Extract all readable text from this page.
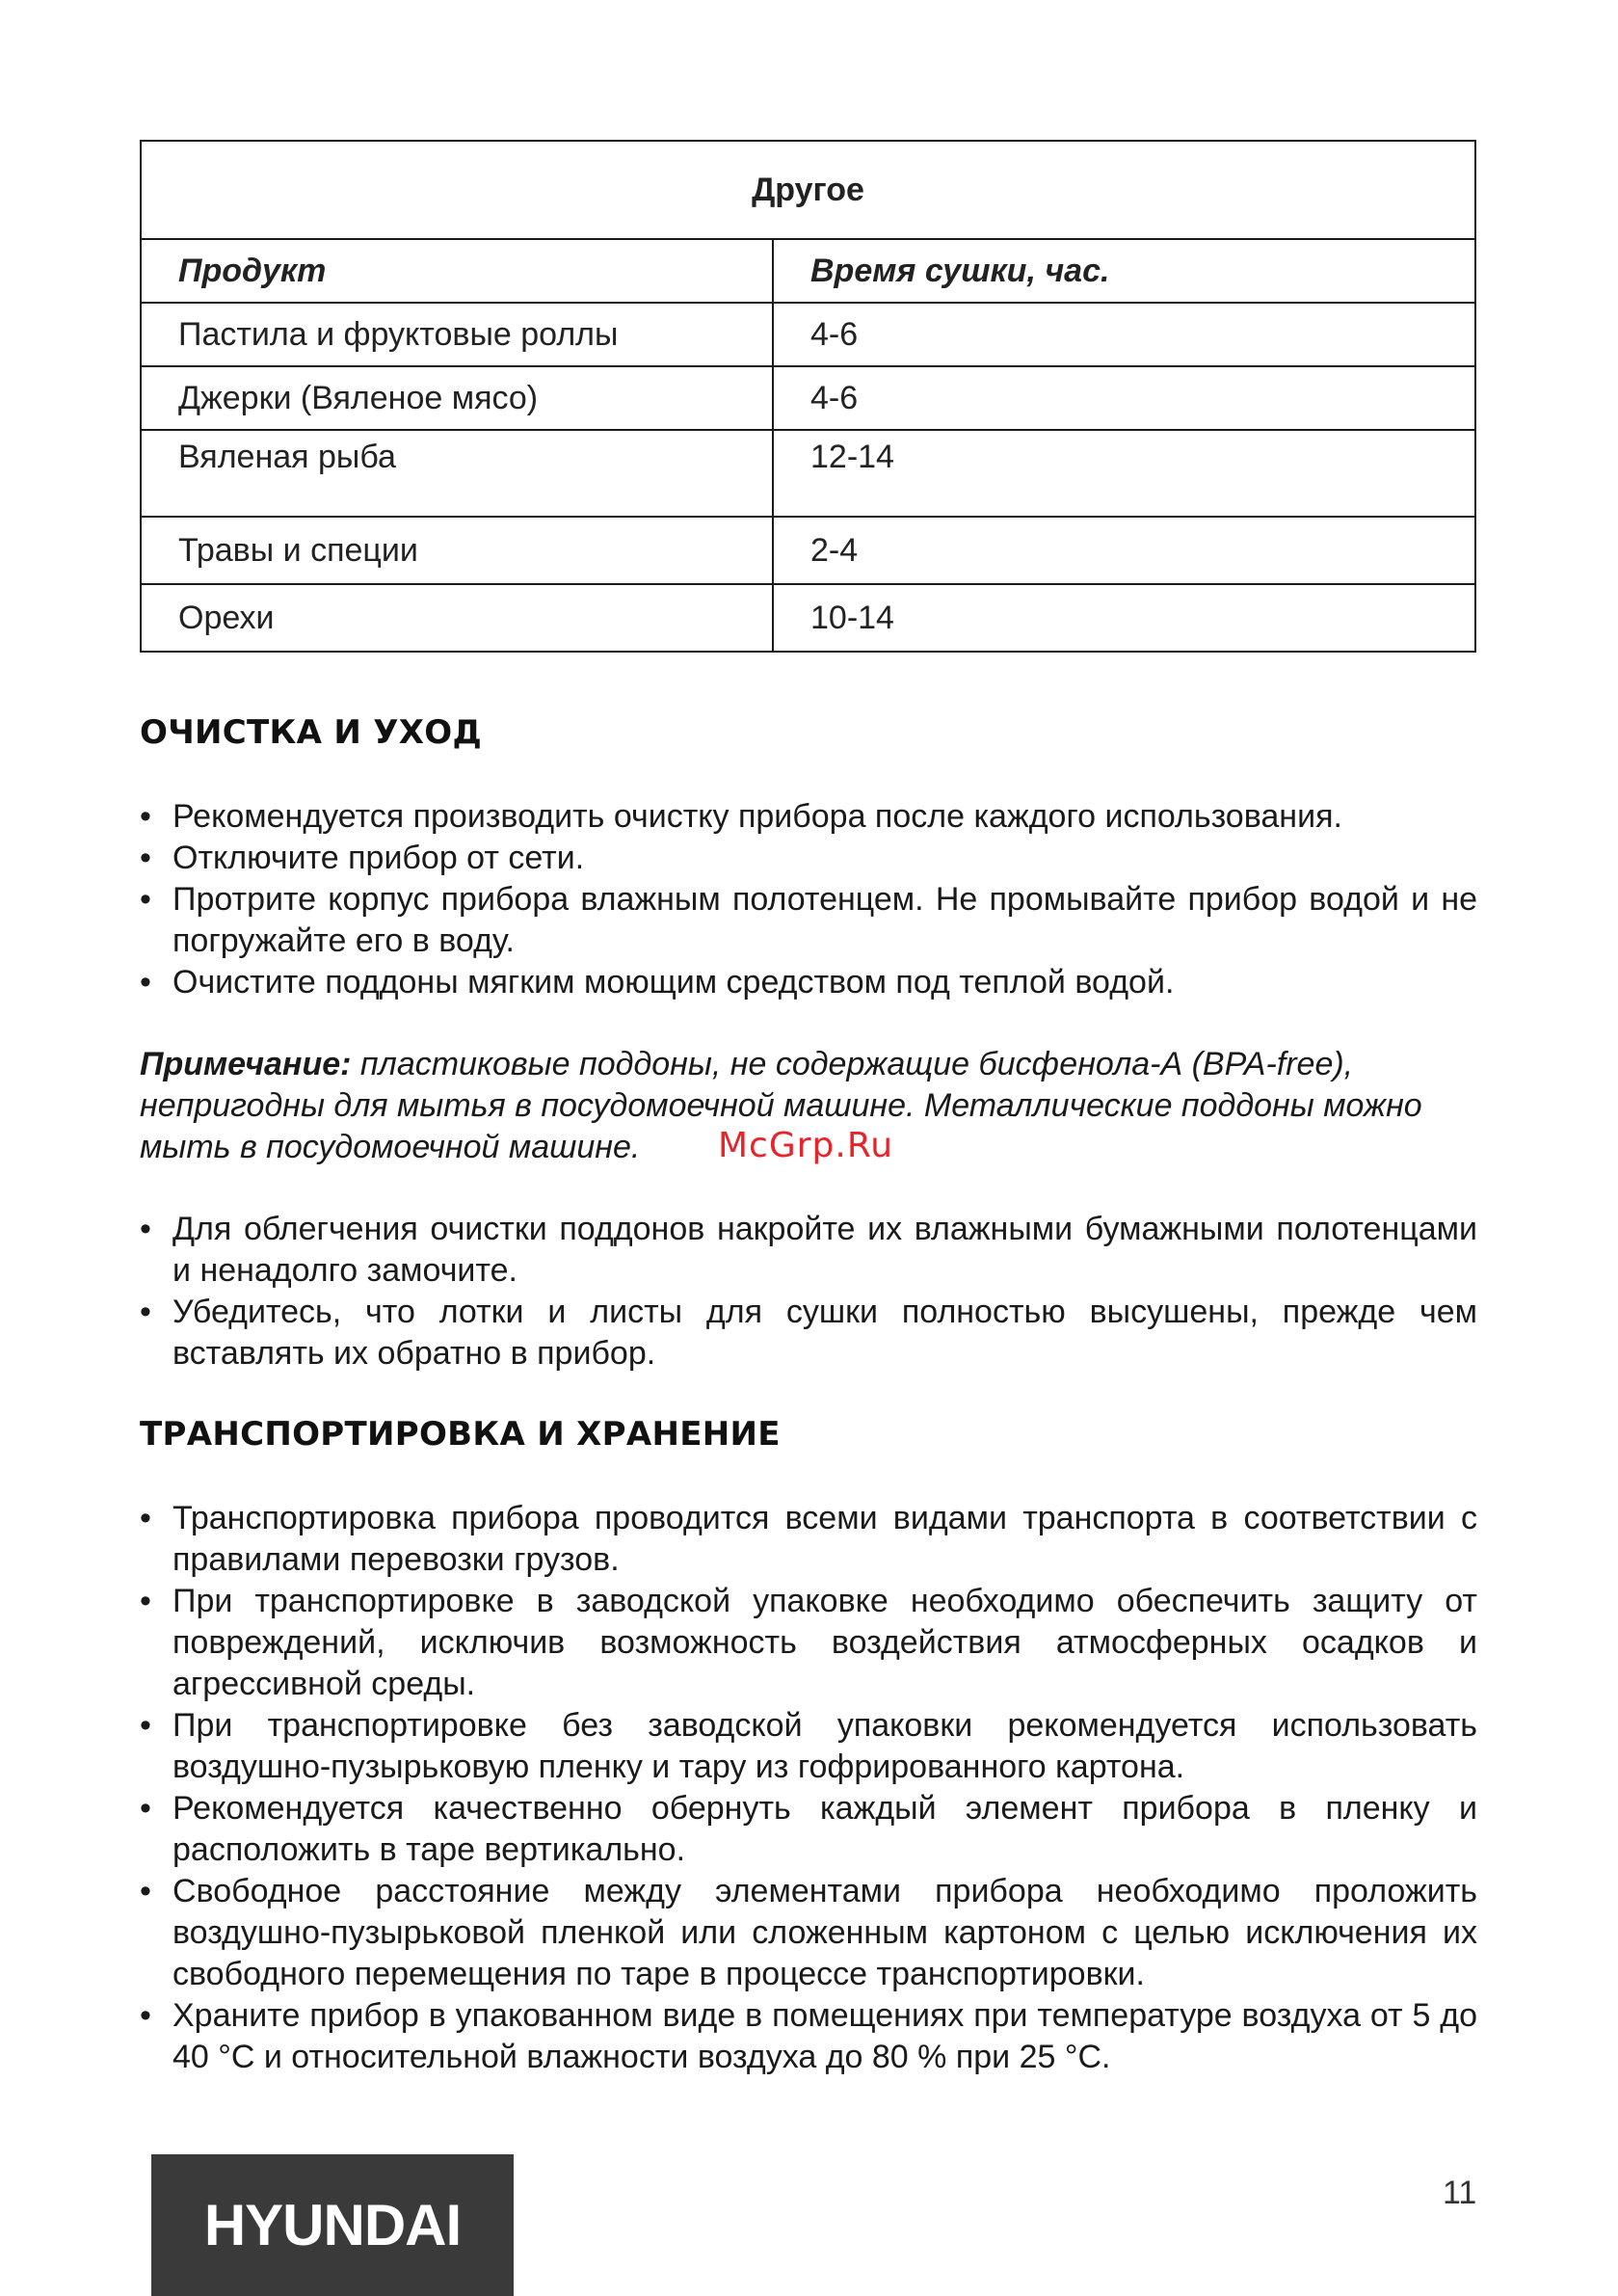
Другое	
Продукт	Время сушки, час.
Пастила и фруктовые роллы	4-6
Джерки (Вяленое мясо)	4-6
Вяленая рыба	12-14
Травы и специи	2-4
Орехи	10-14
ОЧИСТКА И УХОД
• Рекомендуется производить очистку прибора после каждого использования.
• Отключите прибор от сети.
• Протрите корпус прибора влажным полотенцем. Не промывайте прибор водой и не погружайте его в воду.
• Очистите поддоны мягким моющим средством под теплой водой.

Примечание: пластиковые поддоны, не содержащие бисфенола-А (BPA-free), непригодны для мытья в посудомоечной машине. Металлические поддоны можно мыть в посудомоечной машине.	McGrp.Ru
• Для облегчения очистки поддонов накройте их влажными бумажными полотенцами и ненадолго замочите.
• Убедитесь, что лотки и листы для сушки полностью высушены, прежде чем вставлять их обратно в прибор.
ТРАНСПОРТИРОВКА И ХРАНЕНИЕ
• Транспортировка прибора проводится всеми видами транспорта в соответствии с правилами перевозки грузов.
• При транспортировке в заводской упаковке необходимо обеспечить защиту от повреждений, исключив возможность воздействия атмосферных осадков и агрессивной среды.
• При транспортировке без заводской упаковки рекомендуется использовать воздушно-пузырьковую пленку и тару из гофрированного картона.
• Рекомендуется качественно обернуть каждый элемент прибора в пленку и расположить в таре вертикально.
• Свободное расстояние между элементами прибора необходимо проложить воздушно-пузырьковой пленкой или сложенным картоном с целью исключения их свободного перемещения по таре в процессе транспортировки.
• Храните прибор в упакованном виде в помещениях при температуре воздуха от 5 до 40 °С и относительной влажности воздуха до 80 % при 25 °С.
HYUNDAI	11
